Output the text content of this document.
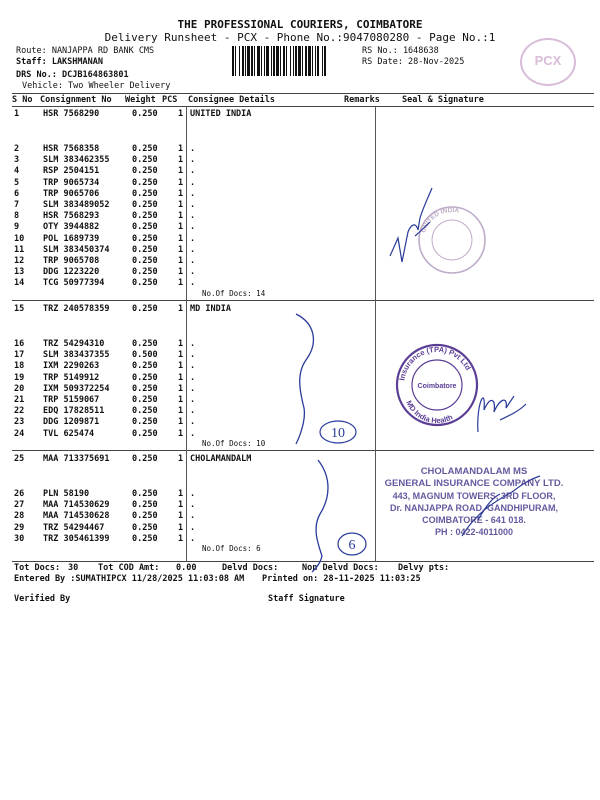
THE PROFESSIONAL COURIERS, COIMBATORE
Delivery Runsheet - PCX - Phone No.:9047080280 - Page No.:1
Route: NANJAPPA RD BANK CMS
Staff: LAKSHMANAN
DRS No.: DCJB164863801
Vehicle: Two Wheeler Delivery
RS No.: 1648638
RS Date: 28-Nov-2025	PCX
S No Consignment No Weight PCS Consignee Details	Remarks	Seal & Signature
1	HSR 7568290	0.250 1 UNITED INDIA
2	HSR 7568358	0.250 1 .
3	SLM 383462355	0.250 1 .
4	RSP 2504151	0.250 1 .
5	TRP 9065734	0.250 1 .
6	TRP 9065706	0.250 1 .
7	SLM 383489052	0.250 1 .
8	HSR 7568293	0.250 1 .
9	OTY 3944882	0.250 1 .
10 POL 1689739	0.250 1 .
11 SLM 383450374	0.250 1 .
12 TRP 9065708	0.250 1 .
13 DDG 1223220	0.250 1 .
14 TCG 50977394	0.250 1 .
No.Of Docs: 14
15 TRZ 240578359	0.250 1 MD INDIA
16 TRZ 54294310	0.250 1 .
17 SLM 383437355	0.500 1 .
18 IXM 2290263	0.250 1 .
19 TRP 5149912	0.250 1 .
20 IXM 509372254	0.250 1 .
21 TRP 5159067	0.250 1 .
22 EDQ 17828511	0.250 1 .
23 DDG 1209871	0.250 1 .
24 TVL 625474	0.250 1 .
No.Of Docs: 10
25 MAA 713375691	0.250 1 CHOLAMANDALM
26 PLN 58190	0.250 1 .
27 MAA 714530629	0.250 1 .
28 MAA 714530628	0.250 1 .
29 TRZ 54294467	0.250 1 .
30 TRZ 305461399	0.250 1 .
No.Of Docs: 6
Tot Docs: 30 Tot COD Amt: 0.00	Delvd Docs:	Non Delvd Docs: Delvy pts:
Entered By :SUMATHIPCX 11/28/2025 11:03:08 AM Printed on: 28-11-2025 11:03:25
Verified By	Staff Signature
UNITED INDIA
Insurance (TPA) Pvt Ltd
MD India Health
Coimbatore
10
6
CHOLAMANDALAM MS
GENERAL INSURANCE COMPANY LTD.
443, MAGNUM TOWERS, 3RD FLOOR,
Dr. NANJAPPA ROAD, GANDHIPURAM,
COIMBATORE - 641 018.
PH : 0422-4011000
